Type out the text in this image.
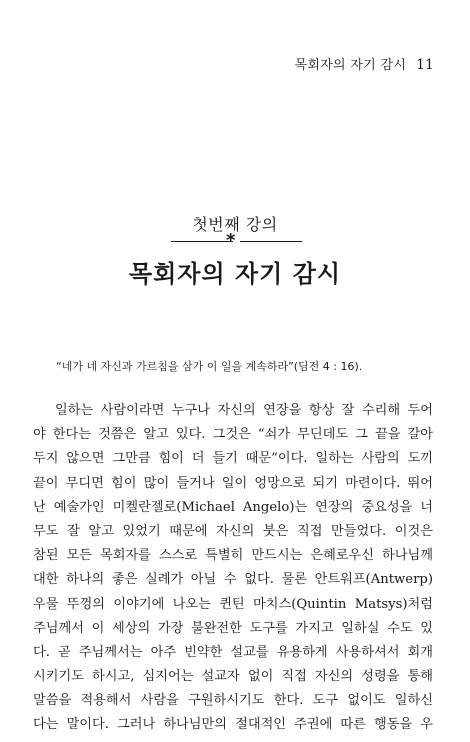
목회자의 자기 감시 11
첫번째 강의
*
목회자의 자기 감시
“네가 네 자신과 가르침을 삼가 이 일을 계속하라”(딤전 4 : 16).
일하는 사람이라면 누구나 자신의 연장을 항상 잘 수리해 두어
야 한다는 것쯤은 알고 있다. 그것은 “쇠가 무딘데도 그 끝을 갈아
두지 않으면 그만큼 힘이 더 들기 때문”이다. 일하는 사람의 도끼
끝이 무디면 힘이 많이 들거나 일이 엉망으로 되기 마련이다. 뛰어
난 예술가인 미켈란젤로(Michael Angelo)는 연장의 중요성을 너
무도 잘 알고 있었기 때문에 자신의 붓은 직접 만들었다. 이것은
참된 모든 목회자를 스스로 특별히 만드시는 은혜로우신 하나님께
대한 하나의 좋은 실례가 아닐 수 없다. 물론 안트워프(Antwerp)
우물 뚜껑의 이야기에 나오는 퀸틴 마치스(Quintin Matsys)처럼
주님께서 이 세상의 가장 불완전한 도구를 가지고 일하실 수도 있
다. 곧 주님께서는 아주 빈약한 설교를 유용하게 사용하셔서 회개
시키기도 하시고, 심지어는 설교자 없이 직접 자신의 성령을 통해
말씀을 적용해서 사람을 구원하시기도 한다. 도구 없이도 일하신
다는 말이다. 그러나 하나님만의 절대적인 주권에 따른 행동을 우
